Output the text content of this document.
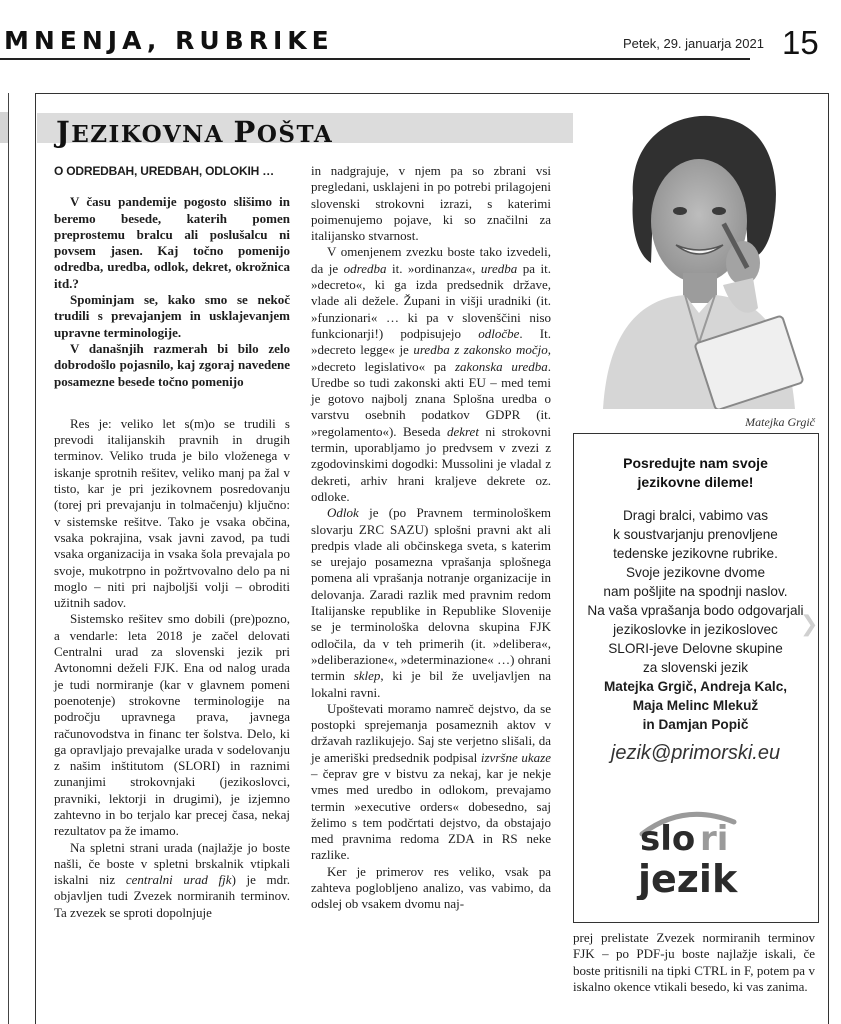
MNENJA, RUBRIKE	Petek, 29. januarja 2021 15
JEZIKOVNA POŠTA
O ODREDBAH, UREDBAH, ODLOKIH …

V času pandemije pogosto slišimo in beremo besede, katerih pomen preprostemu bralcu ali poslušalcu ni povsem jasen. Kaj točno pomenijo odredba, uredba, odlok, dekret, okrožnica itd.?

Spominjam se, kako smo se nekoč trudili s prevajanjem in usklajevanjem upravne terminologije.

V današnjih razmerah bi bilo zelo dobrodošlo pojasnilo, kaj zgoraj navedene posamezne besede točno pomenijo

Res je: veliko let s(m)o se trudili s prevodi italijanskih pravnih in drugih terminov. Veliko truda je bilo vloženega v iskanje sprotnih rešitev, veliko manj pa žal v tisto, kar je pri jezikovnem posredovanju (torej pri prevajanju in tolmačenju) ključno: v sistemske rešitve. Tako je vsaka občina, vsaka pokrajina, vsak javni zavod, pa tudi vsaka organizacija in vsaka šola prevajala po svoje, mukotrpno in požrtvovalno delo pa ni moglo – niti pri najboljši volji – obroditi užitnih sadov.

Sistemsko rešitev smo dobili (pre)pozno, a vendarle: leta 2018 je začel delovati Centralni urad za slovenski jezik pri Avtonomni deželi FJK. Ena od nalog urada je tudi normiranje (kar v glavnem pomeni poenotenje) strokovne terminologije na področju upravnega prava, javnega računovodstva in financ ter šolstva. Delo, ki ga opravljajo prevajalke urada v sodelovanju z našim inštitutom (SLORI) in raznimi zunanjimi strokovnjaki (jezikoslovci, pravniki, lektorji in drugimi), je izjemno zahtevno in bo terjalo kar precej časa, nekaj rezultatov pa že imamo.

Na spletni strani urada (najlažje jo boste našli, če boste v spletni brskalnik vtipkali iskalni niz centralni urad fjk) je mdr. objavljen tudi Zvezek normiranih terminov. Ta zvezek se sproti dopolnjuje

in nadgrajuje, v njem pa so zbrani vsi pregledani, usklajeni in po potrebi prilagojeni slovenski strokovni izrazi, s katerimi poimenujemo pojave, ki so značilni za italijansko stvarnost.

V omenjenem zvezku boste tako izvedeli, da je odredba it. »ordinanza«, uredba pa it. »decreto«, ki ga izda predsednik države, vlade ali dežele. Župani in višji uradniki (it. »funzionari« … ki pa v slovenščini niso funkcionarji!) podpisujejo odločbe. It. »decreto legge« je uredba z zakonsko močjo, »decreto legislativo« pa zakonska uredba. Uredbe so tudi zakonski akti EU – med temi je gotovo najbolj znana Splošna uredba o varstvu osebnih podatkov GDPR (it. »regolamento«). Beseda dekret ni strokovni termin, uporabljamo jo predvsem v zvezi z zgodovinskimi dogodki: Mussolini je vladal z dekreti, arhiv hrani kraljeve dekrete oz. odloke.

Odlok je (po Pravnem terminološkem slovarju ZRC SAZU) splošni pravni akt ali predpis vlade ali občinskega sveta, s katerim se urejajo posamezna vprašanja splošnega pomena ali vprašanja notranje organizacije in delovanja. Zaradi razlik med pravnim redom Italijanske republike in Republike Slovenije se je terminološka delovna skupina FJK odločila, da v teh primerih (it. »delibera«, »deliberazione«, »determinazione« …) ohrani termin sklep, ki je bil že uveljavljen na lokalni ravni.

Upoštevati moramo namreč dejstvo, da se postopki sprejemanja posameznih aktov v državah razlikujejo. Saj ste verjetno slišali, da je ameriški predsednik podpisal izvršne ukaze – čeprav gre v bistvu za nekaj, kar je nekje vmes med uredbo in odlokom, prevajamo termin »executive orders« dobesedno, saj želimo s tem podčrtati dejstvo, da obstajajo med pravnima redoma ZDA in RS neke razlike.

Ker je primerov res veliko, vsak pa zahteva poglobljeno analizo, vas vabimo, da odslej ob vsakem dvomu naj-

Matejka Grgič
Posredujte nam svoje
jezikovne dileme!
Dragi bralci, vabimo vas
k soustvarjanju prenovljene
tedenske jezikovne rubrike.
Svoje jezikovne dvome
nam pošljite na spodnji naslov.
Na vaša vprašanja bodo odgovarjali
jezikoslovke in jezikoslovec
SLORI-jeve Delovne skupine
za slovenski jezik
Matejka Grgič, Andreja Kalc,
Maja Melinc Mlekuž
in Damjan Popič
❯
jezik@primorski.eu
slo ri
jezik

prej prelistate Zvezek normiranih terminov FJK – po PDF-ju boste najlažje iskali, če boste pritisnili na tipki CTRL in F, potem pa v iskalno okence vtikali besedo, ki vas zanima.
